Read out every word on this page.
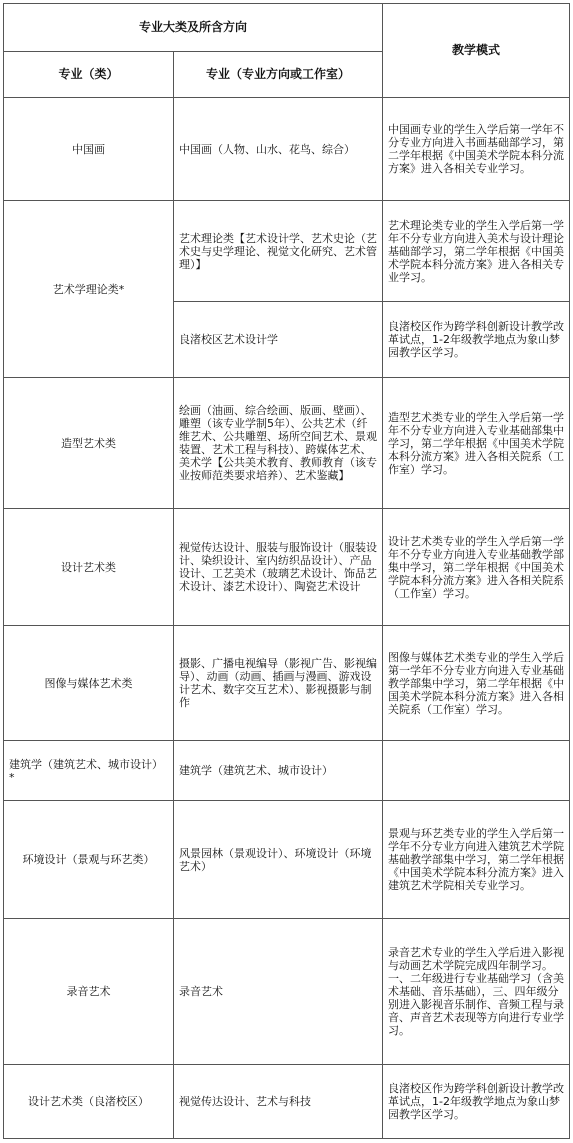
专业大类及所含方向		教学模式
专业（类）	专业（专业方向或工作室）	
中国画	中国画（人物、山水、花鸟、综合）	中国画专业的学生入学后第一学年不分专业方向进入书画基础部学习，第二学年根据《中国美术学院本科分流方案》进入各相关专业学习。
艺术学理论类*	艺术理论类【艺术设计学、艺术史论（艺术史与史学理论、视觉文化研究、艺术管理）】	艺术理论类专业的学生入学后第一学年不分专业方向进入美术与设计理论基础部学习，第二学年根据《中国美术学院本科分流方案》进入各相关专业学习。
	良渚校区艺术设计学	良渚校区作为跨学科创新设计教学改革试点，1-2年级教学地点为象山梦园教学区学习。
造型艺术类	绘画（油画、综合绘画、版画、壁画）、雕塑（该专业学制5年）、公共艺术（纤维艺术、公共雕塑、场所空间艺术、景观装置、艺术工程与科技）、跨媒体艺术、美术学【公共美术教育、教师教育（该专业按师范类要求培养）、艺术鉴藏】	造型艺术类专业的学生入学后第一学年不分专业方向进入专业基础部集中学习，第二学年根据《中国美术学院本科分流方案》进入各相关院系（工作室）学习。
设计艺术类	视觉传达设计、服装与服饰设计（服装设计、染织设计、室内纺织品设计）、产品设计、工艺美术（玻璃艺术设计、饰品艺术设计、漆艺术设计）、陶瓷艺术设计	设计艺术类专业的学生入学后第一学年不分专业方向进入专业基础教学部集中学习，第二学年根据《中国美术学院本科分流方案》进入各相关院系（工作室）学习。
图像与媒体艺术类	摄影、广播电视编导（影视广告、影视编导）、动画（动画、插画与漫画、游戏设计艺术、数字交互艺术）、影视摄影与制作	图像与媒体艺术类专业的学生入学后第一学年不分专业方向进入专业基础教学部集中学习，第二学年根据《中国美术学院本科分流方案》进入各相关院系（工作室）学习。
建筑学（建筑艺术、城市设计）*	建筑学（建筑艺术、城市设计）	
环境设计（景观与环艺类）	风景园林（景观设计）、环境设计（环境艺术）	景观与环艺类专业的学生入学后第一学年不分专业方向进入建筑艺术学院基础教学部集中学习，第二学年根据《中国美术学院本科分流方案》进入建筑艺术学院相关专业学习。
录音艺术	录音艺术	录音艺术专业的学生入学后进入影视与动画艺术学院完成四年制学习。一、二年级进行专业基础学习（含美术基础、音乐基础），三、四年级分别进入影视音乐制作、音频工程与录音、声音艺术表现等方向进行专业学习。
设计艺术类（良渚校区）	视觉传达设计、艺术与科技	良渚校区作为跨学科创新设计教学改革试点，1-2年级教学地点为象山梦园教学区学习。
